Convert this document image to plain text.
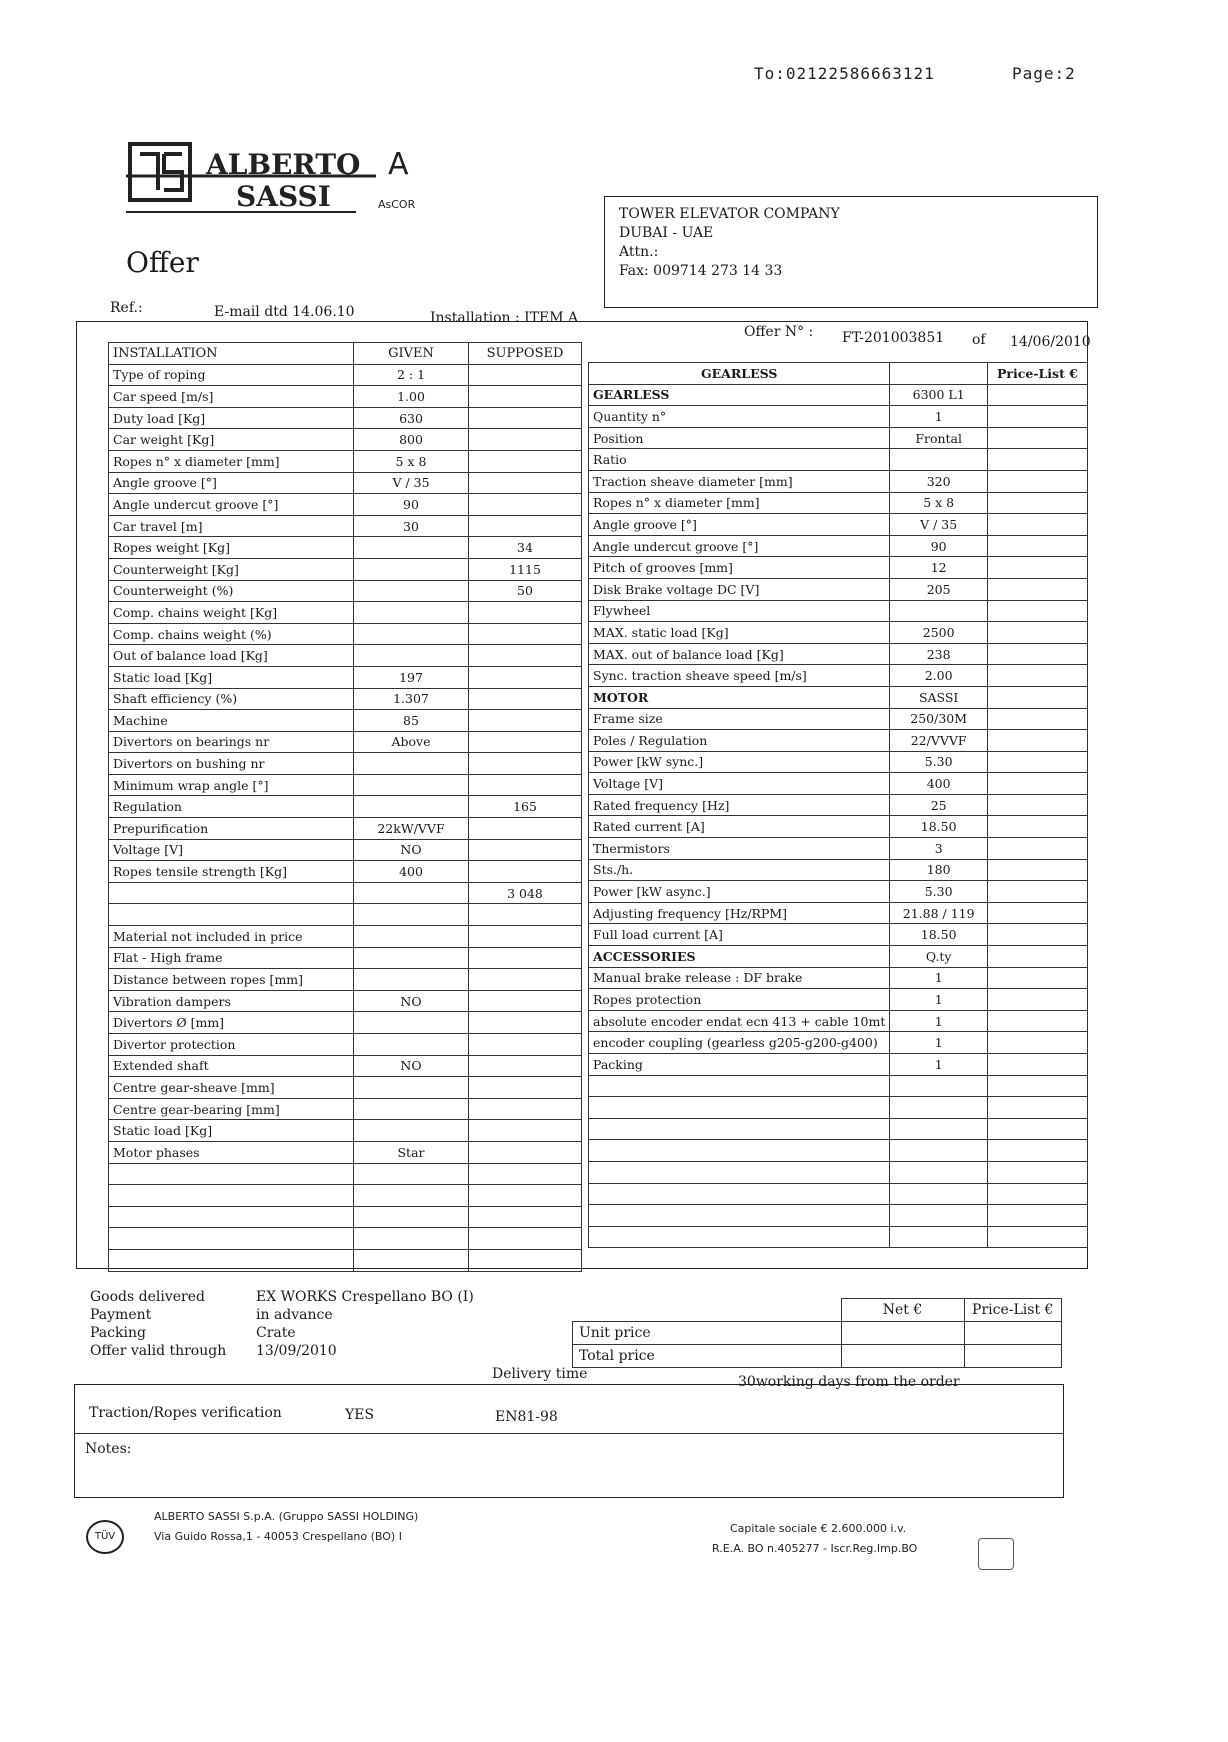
To:02122586663121	Page:2
ALBERTO
SASSI
A
AsCOR
Offer
TOWER ELEVATOR COMPANY
DUBAI - UAE
Attn.:
Fax: 009714 273 14 33
Ref.:	E-mail dtd 14.06.10	Installation : ITEM A
Offer N° : FT-201003851 of 14/06/2010
INSTALLATION	GIVEN	SUPPOSED
Type of roping	2 : 1	
Car speed [m/s]	1.00	
Duty load [Kg]	630	
Car weight [Kg]	800	
Ropes n° x diameter [mm]	5 x 8	
Angle groove [°]	V / 35	
Angle undercut groove [°]	90	
Car travel [m]	30	
Ropes weight [Kg]		34
Counterweight [Kg]		1115
Counterweight (%)		50
Comp. chains weight [Kg]		
Comp. chains weight (%)		
Out of balance load [Kg]		
Static load [Kg]	197	
Shaft efficiency (%)	1.307	
Machine	85	
Divertors on bearings nr	Above	
Divertors on bushing nr		
Minimum wrap angle [°]		
Regulation		165
Prepurification	22kW/VVF	
Voltage [V]	NO	
Ropes tensile strength [Kg]	400	
		3 048

Material not included in price		
Flat - High frame		
Distance between ropes [mm]		
Vibration dampers	NO	
Divertors Ø [mm]		
Divertor protection		
Extended shaft	NO	
Centre gear-sheave [mm]		
Centre gear-bearing [mm]		
Static load [Kg]		
Motor phases	Star	

GEARLESS		Price-List €
GEARLESS	6300 L1	
Quantity n°	1	
Position	Frontal	
Ratio		
Traction sheave diameter [mm]	320	
Ropes n° x diameter [mm]	5 x 8	
Angle groove [°]	V / 35	
Angle undercut groove [°]	90	
Pitch of grooves [mm]	12	
Disk Brake voltage DC [V]	205	
Flywheel		
MAX. static load [Kg]	2500	
MAX. out of balance load [Kg]	238	
Sync. traction sheave speed [m/s]	2.00	
MOTOR	SASSI	
Frame size	250/30M	
Poles / Regulation	22/VVVF	
Power [kW sync.]	5.30	
Voltage [V]	400	
Rated frequency [Hz]	25	
Rated current [A]	18.50	
Thermistors	3	
Sts./h.	180	
Power [kW async.]	5.30	
Adjusting frequency [Hz/RPM]	21.88 / 119	
Full load current [A]	18.50	
ACCESSORIES	Q.ty	
Manual brake release : DF brake	1	
Ropes protection	1	
absolute encoder endat ecn 413 + cable 10mt	1	
encoder coupling (gearless g205-g200-g400)	1	
Packing	1	

Goods delivered	EX WORKS Crespellano BO (I)
Payment	in advance
Packing	Crate
Offer valid through	13/09/2010
	Net €	Price-List €
Unit price		
Total price		
Delivery time	30working days from the order
Traction/Ropes verification	YES	EN81-98
Notes:
TÜV
ALBERTO SASSI S.p.A. (Gruppo SASSI HOLDING)
Via Guido Rossa,1 - 40053 Crespellano (BO) I
Capitale sociale € 2.600.000 i.v.
R.E.A. BO n.405277 - Iscr.Reg.Imp.BO
